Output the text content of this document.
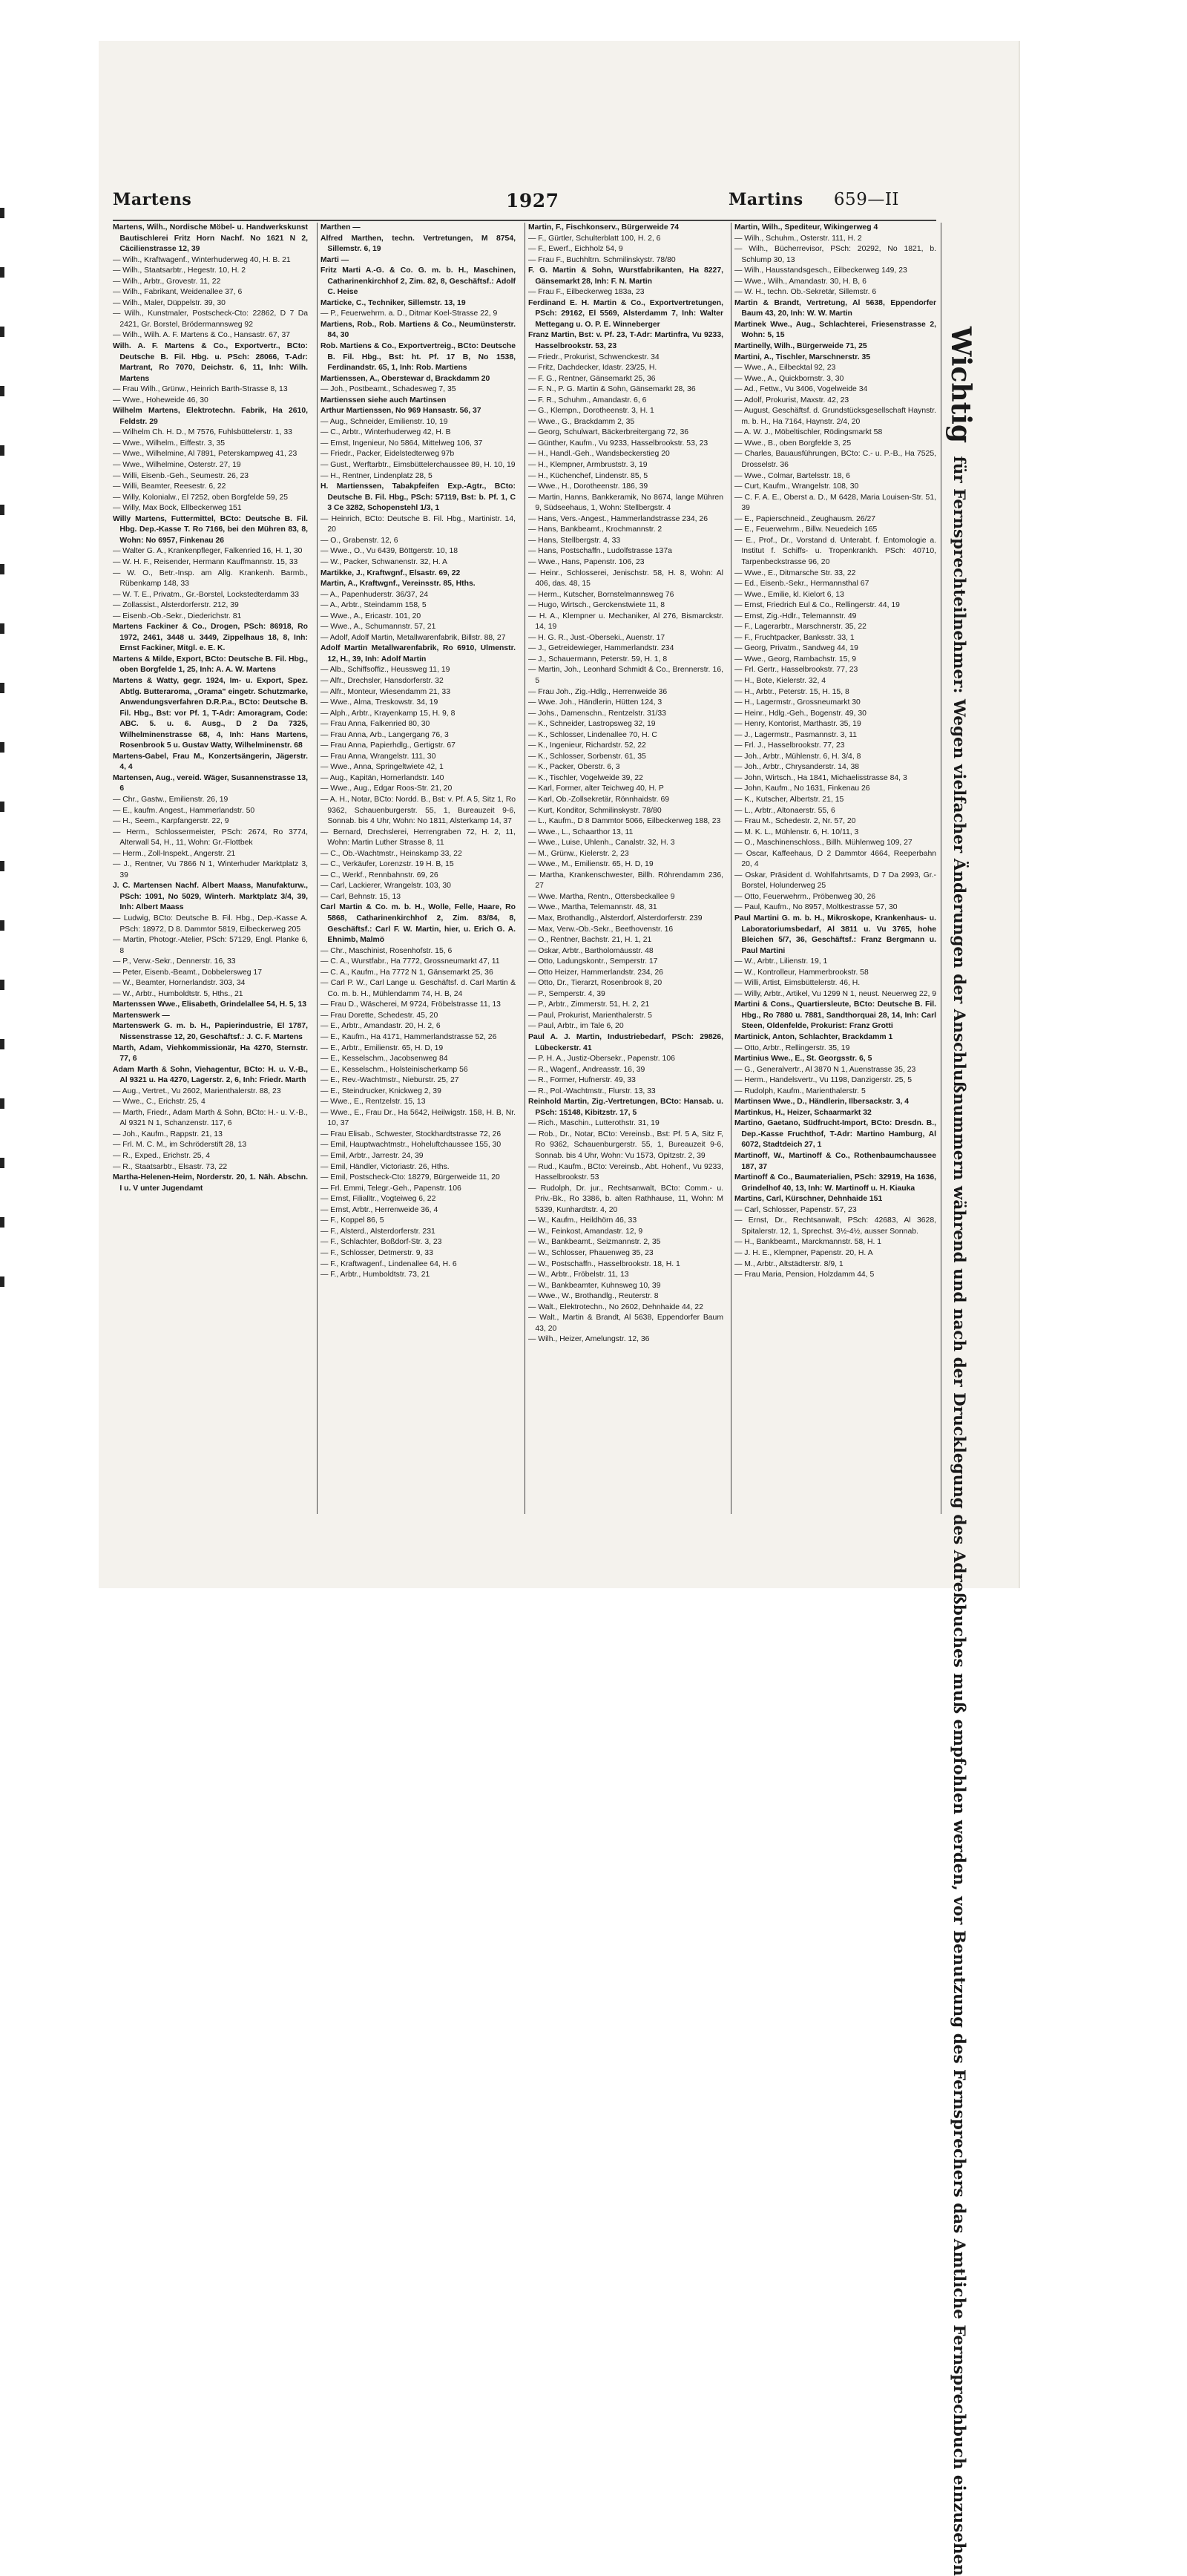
Martens	1927	Martins 659—II

Martens, Wilh., Nordische Möbel- u. Handwerkskunst Bautischlerei Fritz Horn Nachf. No 1621 N 2, Cäcilienstrasse 12, 39

— Wilh., Kraftwagenf., Winterhuderweg 40, H. B. 21

— Wilh., Staatsarbtr., Hegestr. 10, H. 2

— Wilh., Arbtr., Grovestr. 11, 22

— Wilh., Fabrikant, Weidenallee 37, 6

— Wilh., Maler, Düppelstr. 39, 30

— Wilh., Kunstmaler, Postscheck-Cto: 22862, D 7 Da 2421, Gr. Borstel, Brödermannsweg 92

— Wilh., Wilh. A. F. Martens & Co., Hansastr. 67, 37

Wilh. A. F. Martens & Co., Exportvertr., BCto: Deutsche B. Fil. Hbg. u. PSch: 28066, T-Adr: Martrant, Ro 7070, Deichstr. 6, 11, Inh: Wilh. Martens

— Frau Wilh., Grünw., Heinrich Barth-Strasse 8, 13

— Wwe., Hoheweide 46, 30

Wilhelm Martens, Elektrotechn. Fabrik, Ha 2610, Feldstr. 29

— Wilhelm Ch. H. D., M 7576, Fuhlsbüttelerstr. 1, 33

— Wwe., Wilhelm., Eiffestr. 3, 35

— Wwe., Wilhelmine, Al 7891, Peterskampweg 41, 23

— Wwe., Wilhelmine, Osterstr. 27, 19

— Willi, Eisenb.-Geh., Seumestr. 26, 23

— Willi, Beamter, Reesestr. 6, 22

— Willy, Kolonialw., El 7252, oben Borgfelde 59, 25

— Willy, Max Bock, Ellbeckerweg 151

Willy Martens, Futtermittel, BCto: Deutsche B. Fil. Hbg. Dep.-Kasse T. Ro 7166, bei den Mühren 83, 8, Wohn: No 6957, Finkenau 26

— Walter G. A., Krankenpfleger, Falkenried 16, H. 1, 30

— W. H. F., Reisender, Hermann Kauffmannstr. 15, 33

— W. O., Betr.-Insp. am Allg. Krankenh. Barmb., Rübenkamp 148, 33

— W. T. E., Privatm., Gr.-Borstel, Lockstedterdamm 33

— Zollassist., Alsterdorferstr. 212, 39

— Eisenb.-Ob.-Sekr., Diederichstr. 81

Martens Fackiner & Co., Drogen, PSch: 86918, Ro 1972, 2461, 3448 u. 3449, Zippelhaus 18, 8, Inh: Ernst Fackiner, Mitgl. e. E. K.

Martens & Milde, Export, BCto: Deutsche B. Fil. Hbg., oben Borgfelde 1, 25, Inh: A. A. W. Martens

Martens & Watty, gegr. 1924, Im- u. Export, Spez. Abtlg. Butteraroma, „Orama" eingetr. Schutzmarke, Anwendungsverfahren D.R.P.a., BCto: Deutsche B. Fil. Hbg., Bst: vor Pf. 1, T-Adr: Amoragram, Code: ABC. 5. u. 6. Ausg., D 2 Da 7325, Wilhelminenstrasse 68, 4, Inh: Hans Martens, Rosenbrook 5 u. Gustav Watty, Wilhelminenstr. 68

Martens-Gabel, Frau M., Konzertsängerin, Jägerstr. 4, 4

Martensen, Aug., vereid. Wäger, Susannenstrasse 13, 6

— Chr., Gastw., Emilienstr. 26, 19

— E., kaufm. Angest., Hammerlandstr. 50

— H., Seem., Karpfangerstr. 22, 9

— Herm., Schlossermeister, PSch: 2674, Ro 3774, Alterwall 54, H., 11, Wohn: Gr.-Flottbek

— Herm., Zoll-Inspekt., Angerstr. 21

— J., Rentner, Vu 7866 N 1, Winterhuder Marktplatz 3, 39

J. C. Martensen Nachf. Albert Maass, Manufakturw., PSch: 1091, No 5029, Winterh. Marktplatz 3/4, 39, Inh: Albert Maass

— Ludwig, BCto: Deutsche B. Fil. Hbg., Dep.-Kasse A. PSch: 18972, D 8. Dammtor 5819, Eilbeckerweg 205

— Martin, Photogr.-Atelier, PSch: 57129, Engl. Planke 6, 8

— P., Verw.-Sekr., Dennerstr. 16, 33

— Peter, Eisenb.-Beamt., Dobbelersweg 17

— W., Beamter, Hornerlandstr. 303, 34

— W., Arbtr., Humboldtstr. 5, Hths., 21

Martenssen Wwe., Elisabeth, Grindelallee 54, H. 5, 13

Martenswerk —

Martenswerk G. m. b. H., Papierindustrie, El 1787, Nissenstrasse 12, 20, Geschäftsf.: J. C. F. Martens

Marth, Adam, Viehkommissionär, Ha 4270, Sternstr. 77, 6

Adam Marth & Sohn, Viehagentur, BCto: H. u. V.-B., Al 9321 u. Ha 4270, Lagerstr. 2, 6, Inh: Friedr. Marth

— Aug., Vertret., Vu 2602, Marienthalerstr. 88, 23

— Wwe., C., Erichstr. 25, 4

— Marth, Friedr., Adam Marth & Sohn, BCto: H.- u. V.-B., Al 9321 N 1, Schanzenstr. 117, 6

— Joh., Kaufm., Rappstr. 21, 13

— Frl. M. C. M., im Schröderstift 28, 13

— R., Exped., Erichstr. 25, 4

— R., Staatsarbtr., Elsastr. 73, 22

Martha-Helenen-Heim, Norderstr. 20, 1. Näh. Abschn. I u. V unter Jugendamt

Marthen —

Alfred Marthen, techn. Vertretungen, M 8754, Sillemstr. 6, 19

Marti —

Fritz Marti A.-G. & Co. G. m. b. H., Maschinen, Catharinenkirchhof 2, Zim. 82, 8, Geschäftsf.: Adolf C. Heise

Marticke, C., Techniker, Sillemstr. 13, 19

— P., Feuerwehrm. a. D., Ditmar Koel-Strasse 22, 9

Martiens, Rob., Rob. Martiens & Co., Neumünsterstr. 84, 30

Rob. Martiens & Co., Exportvertreig., BCto: Deutsche B. Fil. Hbg., Bst: ht. Pf. 17 B, No 1538, Ferdinandstr. 65, 1, Inh: Rob. Martiens

Martienssen, A., Oberstewar d, Brackdamm 20

— Joh., Postbeamt., Schadesweg 7, 35

Martienssen siehe auch Martinsen

Arthur Martienssen, No 969 Hansastr. 56, 37

— Aug., Schneider, Emilienstr. 10, 19

— C., Arbtr., Winterhuderweg 42, H. B

— Ernst, Ingenieur, No 5864, Mittelweg 106, 37

— Friedr., Packer, Eidelstedterweg 97b

— Gust., Werftarbtr., Eimsbüttelerchaussee 89, H. 10, 19

— H., Rentner, Lindenplatz 28, 5

H. Martienssen, Tabakpfeifen Exp.-Agtr., BCto: Deutsche B. Fil. Hbg., PSch: 57119, Bst: b. Pf. 1, C 3 Ce 3282, Schopenstehl 1/3, 1

— Heinrich, BCto: Deutsche B. Fil. Hbg., Martinistr. 14, 20

— O., Grabenstr. 12, 6

— Wwe., O., Vu 6439, Böttgerstr. 10, 18

— W., Packer, Schwanenstr. 32, H. A

Martikke, J., Kraftwgnf., Elsastr. 69, 22

Martin, A., Kraftwgnf., Vereinsstr. 85, Hths.

— A., Papenhuderstr. 36/37, 24

— A., Arbtr., Steindamm 158, 5

— Wwe., A., Ericastr. 101, 20

— Wwe., A., Schumannstr. 57, 21

— Adolf, Adolf Martin, Metallwarenfabrik, Billstr. 88, 27

Adolf Martin Metallwarenfabrik, Ro 6910, Ulmenstr. 12, H., 39, Inh: Adolf Martin

— Alb., Schiffsoffiz., Heussweg 11, 19

— Alfr., Drechsler, Hansdorferstr. 32

— Alfr., Monteur, Wiesendamm 21, 33

— Wwe., Alma, Treskowstr. 34, 19

— Alph., Arbtr., Krayenkamp 15, H. 9, 8

— Frau Anna, Falkenried 80, 30

— Frau Anna, Arb., Langergang 76, 3

— Frau Anna, Papierhdlg., Gertigstr. 67

— Frau Anna, Wrangelstr. 111, 30

— Wwe., Anna, Springeltwiete 42, 1

— Aug., Kapitän, Hornerlandstr. 140

— Wwe., Aug., Edgar Roos-Str. 21, 20

— A. H., Notar, BCto: Nordd. B., Bst: v. Pf. A 5, Sitz 1, Ro 9362, Schauenburgerstr. 55, 1, Bureauzeit 9-6, Sonnab. bis 4 Uhr, Wohn: No 1811, Alsterkamp 14, 37

— Bernard, Drechslerei, Herrengraben 72, H. 2, 11, Wohn: Martin Luther Strasse 8, 11

— C., Ob.-Wachtmstr., Heinskamp 33, 22

— C., Verkäufer, Lorenzstr. 19 H. B, 15

— C., Werkf., Rennbahnstr. 69, 26

— Carl, Lackierer, Wrangelstr. 103, 30

— Carl, Behnstr. 15, 13

Carl Martin & Co. m. b. H., Wolle, Felle, Haare, Ro 5868, Catharinenkirchhof 2, Zim. 83/84, 8, Geschäftsf.: Carl F. W. Martin, hier, u. Erich G. A. Ehnimb, Malmö

— Chr., Maschinist, Rosenhofstr. 15, 6

— C. A., Wurstfabr., Ha 7772, Grossneumarkt 47, 11

— C. A., Kaufm., Ha 7772 N 1, Gänsemarkt 25, 36

— Carl P. W., Carl Lange u. Geschäftsf. d. Carl Martin & Co. m. b. H., Mühlendamm 74, H. B, 24

— Frau D., Wäscherei, M 9724, Fröbelstrasse 11, 13

— Frau Dorette, Schedestr. 45, 20

— E., Arbtr., Amandastr. 20, H. 2, 6

— E., Kaufm., Ha 4171, Hammerlandstrasse 52, 26

— E., Arbtr., Emilienstr. 65, H. D, 19

— E., Kesselschm., Jacobsenweg 84

— E., Kesselschm., Holsteinischerkamp 56

— E., Rev.-Wachtmstr., Nieburstr. 25, 27

— E., Steindrucker, Knickweg 2, 39

— Wwe., E., Rentzelstr. 15, 13

— Wwe., E., Frau Dr., Ha 5642, Heilwigstr. 158, H. B, Nr. 10, 37

— Frau Elisab., Schwester, Stockhardtstrasse 72, 26

— Emil, Hauptwachtmstr., Hoheluftchaussee 155, 30

— Emil, Arbtr., Jarrestr. 24, 39

— Emil, Händler, Victoriastr. 26, Hths.

— Emil, Postscheck-Cto: 18279, Bürgerweide 11, 20

— Frl. Emmi, Telegr.-Geh., Papenstr. 106

— Ernst, Filialltr., Vogteiweg 6, 22

— Ernst, Arbtr., Herrenweide 36, 4

— F., Koppel 86, 5

— F., Alsterd., Alsterdorferstr. 231

— F., Schlachter, Boßdorf-Str. 3, 23

— F., Schlosser, Detmerstr. 9, 33

— F., Kraftwagenf., Lindenallee 64, H. 6

— F., Arbtr., Humboldtstr. 73, 21

Martin, F., Fischkonserv., Bürgerweide 74

— F., Gürtler, Schulterblatt 100, H. 2, 6

— F., Ewerf., Eichholz 54, 9

— Frau F., Buchhltrn. Schmilinskystr. 78/80

F. G. Martin & Sohn, Wurstfabrikanten, Ha 8227, Gänsemarkt 28, Inh: F. N. Martin

— Frau F., Eilbeckerweg 183a, 23

Ferdinand E. H. Martin & Co., Exportvertretungen, PSch: 29162, El 5569, Alsterdamm 7, Inh: Walter Mettegang u. O. P. E. Winneberger

Franz Martin, Bst: v. Pf. 23, T-Adr: Martinfra, Vu 9233, Hasselbrookstr. 53, 23

— Friedr., Prokurist, Schwenckestr. 34

— Fritz, Dachdecker, Idastr. 23/25, H.

— F. G., Rentner, Gänsemarkt 25, 36

— F. N., P. G. Martin & Sohn, Gänsemarkt 28, 36

— F. R., Schuhm., Amandastr. 6, 6

— G., Klempn., Dorotheenstr. 3, H. 1

— Wwe., G., Brackdamm 2, 35

— Georg, Schulwart, Bäckerbreitergang 72, 36

— Günther, Kaufm., Vu 9233, Hasselbrookstr. 53, 23

— H., Handl.-Geh., Wandsbeckerstieg 20

— H., Klempner, Armbruststr. 3, 19

— H., Küchenchef, Lindenstr. 85, 5

— Wwe., H., Dorotheenstr. 186, 39

— Martin, Hanns, Bankkeramik, No 8674, lange Mühren 9, Südseehaus, 1, Wohn: Stellbergstr. 4

— Hans, Vers.-Angest., Hammerlandstrasse 234, 26

— Hans, Bankbeamt., Krochmannstr. 2

— Hans, Stellbergstr. 4, 33

— Hans, Postschaffn., Ludolfstrasse 137a

— Wwe., Hans, Papenstr. 106, 23

— Heinr., Schlosserei, Jenischstr. 58, H. 8, Wohn: Al 406, das. 48, 15

— Herm., Kutscher, Bornstelmannsweg 76

— Hugo, Wirtsch., Gerckenstwiete 11, 8

— H. A., Klempner u. Mechaniker, Al 276, Bismarckstr. 14, 19

— H. G. R., Just.-Oberseki., Auenstr. 17

— J., Getreidewieger, Hammerlandstr. 234

— J., Schauermann, Peterstr. 59, H. 1, 8

— Martin, Joh., Leonhard Schmidt & Co., Brennerstr. 16, 5

— Frau Joh., Zig.-Hdlg., Herrenweide 36

— Wwe. Joh., Händlerin, Hütten 124, 3

— Johs., Damenschn., Rentzelstr. 31/33

— K., Schneider, Lastropsweg 32, 19

— K., Schlosser, Lindenallee 70, H. C

— K., Ingenieur, Richardstr. 52, 22

— K., Schlosser, Sorbenstr. 61, 35

— K., Packer, Oberstr. 6, 3

— K., Tischler, Vogelweide 39, 22

— Karl, Former, alter Teichweg 40, H. P

— Karl, Ob.-Zollsekretär, Rönnhaidstr. 69

— Kurt, Konditor, Schmilinskystr. 78/80

— L., Kaufm., D 8 Dammtor 5066, Eilbeckerweg 188, 23

— Wwe., L., Schaarthor 13, 11

— Wwe., Luise, Uhlenh., Canalstr. 32, H. 3

— M., Grünw., Kielerstr. 2, 23

— Wwe., M., Emilienstr. 65, H. D, 19

— Martha, Krankenschwester, Billh. Röhrendamm 236, 27

— Wwe. Martha, Rentn., Ottersbeckallee 9

— Wwe., Martha, Telemannstr. 48, 31

— Max, Brothandlg., Alsterdorf, Alsterdorferstr. 239

— Max, Verw.-Ob.-Sekr., Beethovenstr. 16

— O., Rentner, Bachstr. 21, H. 1, 21

— Oskar, Arbtr., Bartholomäusstr. 48

— Otto, Ladungskontr., Semperstr. 17

— Otto Heizer, Hammerlandstr. 234, 26

— Otto, Dr., Tierarzt, Rosenbrook 8, 20

— P., Semperstr. 4, 39

— P., Arbtr., Zimmerstr. 51, H. 2, 21

— Paul, Prokurist, Marienthalerstr. 5

— Paul, Arbtr., im Tale 6, 20

Paul A. J. Martin, Industriebedarf, PSch: 29826, Lübeckerstr. 41

— P. H. A., Justiz-Obersekr., Papenstr. 106

— R., Wagenf., Andreasstr. 16, 39

— R., Former, Hufnerstr. 49, 33

— R., Pol.-Wachtmstr., Flurstr. 13, 33

Reinhold Martin, Zig.-Vertretungen, BCto: Hansab. u. PSch: 15148, Kibitzstr. 17, 5

— Rich., Maschin., Lutterothstr. 31, 19

— Rob., Dr., Notar, BCto: Vereinsb., Bst: Pf. 5 A, Sitz F, Ro 9362, Schauenburgerstr. 55, 1, Bureauzeit 9-6, Sonnab. bis 4 Uhr, Wohn: Vu 1573, Opitzstr. 2, 39

— Rud., Kaufm., BCto: Vereinsb., Abt. Hohenf., Vu 9233, Hasselbrookstr. 53

— Rudolph, Dr. jur., Rechtsanwalt, BCto: Comm.- u. Priv.-Bk., Ro 3386, b. alten Rathhause, 11, Wohn: M 5339, Kunhardtstr. 4, 20

— W., Kaufm., Heildhörn 46, 33

— W., Feinkost, Amandastr. 12, 9

— W., Bankbeamt., Seizmannstr. 2, 35

— W., Schlosser, Phauenweg 35, 23

— W., Postschaffn., Hasselbrookstr. 18, H. 1

— W., Arbtr., Fröbelstr. 11, 13

— W., Bankbeamter, Kuhnsweg 10, 39

— Wwe., W., Brothandlg., Reuterstr. 8

— Walt., Elektrotechn., No 2602, Dehnhaide 44, 22

— Walt., Martin & Brandt, Al 5638, Eppendorfer Baum 43, 20

— Wilh., Heizer, Amelungstr. 12, 36

Martin, Wilh., Spediteur, Wikingerweg 4

— Wilh., Schuhm., Osterstr. 111, H. 2

— Wilh., Bücherrevisor, PSch: 20292, No 1821, b. Schlump 30, 13

— Wilh., Hausstandsgesch., Eilbeckerweg 149, 23

— Wwe., Wilh., Amandastr. 30, H. B, 6

— W. H., techn. Ob.-Sekretär, Sillemstr. 6

Martin & Brandt, Vertretung, Al 5638, Eppendorfer Baum 43, 20, Inh: W. W. Martin

Martinek Wwe., Aug., Schlachterei, Friesenstrasse 2, Wohn: 5, 15

Martinelly, Wilh., Bürgerweide 71, 25

Martini, A., Tischler, Marschnerstr. 35

— Wwe., A., Eilbecktal 92, 23

— Wwe., A., Quickbornstr. 3, 30

— Ad., Fettw., Vu 3406, Vogelweide 34

— Adolf, Prokurist, Maxstr. 42, 23

— August, Geschäftsf. d. Grundstücksgesellschaft Haynstr. m. b. H., Ha 7164, Haynstr. 2/4, 20

— A. W. J., Möbeltischler, Rödingsmarkt 58

— Wwe., B., oben Borgfelde 3, 25

— Charles, Bauausführungen, BCto: C.- u. P.-B., Ha 7525, Drosselstr. 36

— Wwe., Colmar, Bartelsstr. 18, 6

— Curt, Kaufm., Wrangelstr. 108, 30

— C. F. A. E., Oberst a. D., M 6428, Maria Louisen-Str. 51, 39

— E., Papierschneid., Zeughausm. 26/27

— E., Feuerwehrm., Billw. Neuedeich 165

— E., Prof., Dr., Vorstand d. Unterabt. f. Entomologie a. Institut f. Schiffs- u. Tropenkrankh. PSch: 40710, Tarpenbeckstrasse 96, 20

— Wwe., E., Ditmarsche Str. 33, 22

— Ed., Eisenb.-Sekr., Hermannsthal 67

— Wwe., Emilie, kl. Kielort 6, 13

— Ernst, Friedrich Eul & Co., Rellingerstr. 44, 19

— Ernst, Zig.-Hdlr., Telemannstr. 49

— F., Lagerarbtr., Marschnerstr. 35, 22

— F., Fruchtpacker, Banksstr. 33, 1

— Georg, Privatm., Sandweg 44, 19

— Wwe., Georg, Rambachstr. 15, 9

— Frl. Gertr., Hasselbrookstr. 77, 23

— H., Bote, Kielerstr. 32, 4

— H., Arbtr., Peterstr. 15, H. 15, 8

— H., Lagermstr., Grossneumarkt 30

— Heinr., Hdlg.-Geh., Bogenstr. 49, 30

— Henry, Kontorist, Marthastr. 35, 19

— J., Lagermstr., Pasmannstr. 3, 11

— Frl. J., Hasselbrookstr. 77, 23

— Joh., Arbtr., Mühlenstr. 6, H. 3/4, 8

— Joh., Arbtr., Chrysanderstr. 14, 38

— John, Wirtsch., Ha 1841, Michaelisstrasse 84, 3

— John, Kaufm., No 1631, Finkenau 26

— K., Kutscher, Albertstr. 21, 15

— L., Arbtr., Altonaerstr. 55, 6

— Frau M., Schedestr. 2, Nr. 57, 20

— M. K. L., Mühlenstr. 6, H. 10/11, 3

— O., Maschinenschloss., Billh. Mühlenweg 109, 27

— Oscar, Kaffeehaus, D 2 Dammtor 4664, Reeperbahn 20, 4

— Oskar, Präsident d. Wohlfahrtsamts, D 7 Da 2993, Gr.-Borstel, Holunderweg 25

— Otto, Feuerwehrm., Pröbenweg 30, 26

— Paul, Kaufm., No 8957, Moltkestrasse 57, 30

Paul Martini G. m. b. H., Mikroskope, Krankenhaus- u. Laboratoriumsbedarf, Al 3811 u. Vu 3765, hohe Bleichen 5/7, 36, Geschäftsf.: Franz Bergmann u. Paul Martini

— W., Arbtr., Lilienstr. 19, 1

— W., Kontrolleur, Hammerbrookstr. 58

— Willi, Artist, Eimsbüttelerstr. 46, H.

— Willy, Arbtr., Artikel, Vu 1299 N 1, neust. Neuerweg 22, 9

Martini & Cons., Quartiersleute, BCto: Deutsche B. Fil. Hbg., Ro 7880 u. 7881, Sandthorquai 28, 14, Inh: Carl Steen, Oldenfelde, Prokurist: Franz Grotti

Martinick, Anton, Schlachter, Brackdamm 1

— Otto, Arbtr., Rellingerstr. 35, 19

Martinius Wwe., E., St. Georgsstr. 6, 5

— G., Generalvertr., Al 3870 N 1, Auenstrasse 35, 23

— Herm., Handelsvertr., Vu 1198, Danzigerstr. 25, 5

— Rudolph, Kaufm., Marienthalerstr. 5

Martinsen Wwe., D., Händlerin, Ilbersackstr. 3, 4

Martinkus, H., Heizer, Schaarmarkt 32

Martino, Gaetano, Südfrucht-Import, BCto: Dresdn. B., Dep.-Kasse Fruchthof, T-Adr: Martino Hamburg, Al 6072, Stadtdeich 27, 1

Martinoff, W., Martinoff & Co., Rothenbaumchaussee 187, 37

Martinoff & Co., Baumaterialien, PSch: 32919, Ha 1636, Grindelhof 40, 13, Inh: W. Martinoff u. H. Kiauka

Martins, Carl, Kürschner, Dehnhaide 151

— Carl, Schlosser, Papenstr. 57, 23

— Ernst, Dr., Rechtsanwalt, PSch: 42683, Al 3628, Spitalerstr. 12, 1, Sprechst. 3½-4½, ausser Sonnab.

— H., Bankbeamt., Marckmannstr. 58, H. 1

— J. H. E., Klempner, Papenstr. 20, H. A

— M., Arbtr., Altstädterstr. 8/9, 1

— Frau Maria, Pension, Holzdamm 44, 5

Wichtig für Fernsprechteilnehmer: Wegen vielfacher Änderungen der Anschlußnummern während und nach der Drucklegung des Adreßbuches muß empfohlen werden, vor Benutzung des Fernsprechers das Amtliche Fernsprechbuch einzusehen
